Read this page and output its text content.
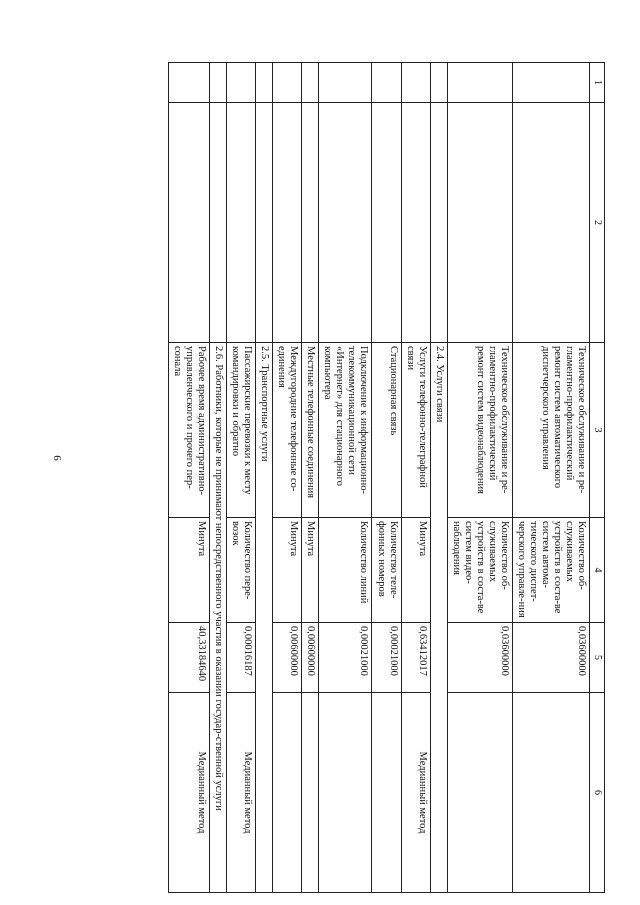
9
1	2	3	4	5	6
		Техническое обслуживание и ре-гламентно-профилактический ремонт систем автоматического диспетчерского управления	Количество об-служиваемых устройств в соста-ве систем автома-тического диспет-черского управле-ния	0,03600000	
		Техническое обслуживание и ре-гламентно-профилактический ремонт систем видеонаблюдения	Количество об-служиваемых устройств в соста-ве систем видео-наблюдения	0,03600000	
		2.4. Услуги связи			
		Услуги телефонно-телеграфной связи	Минута	0,63412017	Медианный метод
		Стационарная связь	Количество теле-фонных номеров	0,00021000	
		Подключение к информационно-телекоммуникационной сети «Интернет» для стационарного компьютера	Количество линий	0,00021000	
		Местные телефонные соединения	Минута	0,00600000	
		Междугородние телефонные со-единения	Минута	0,00600000	
		2.5. Транспортные услуги			
		Пассажирские перевозки к месту командировки и обратно	Количество пере-возок	0,00016187	Медианный метод
		2.6. Работники, которые не принимают непосредственного участия в оказании государ-ственной услуги			
		Рабочее время административно-управленческого и прочего пер-сонала	Минута	40,33184640	Медианный метод
